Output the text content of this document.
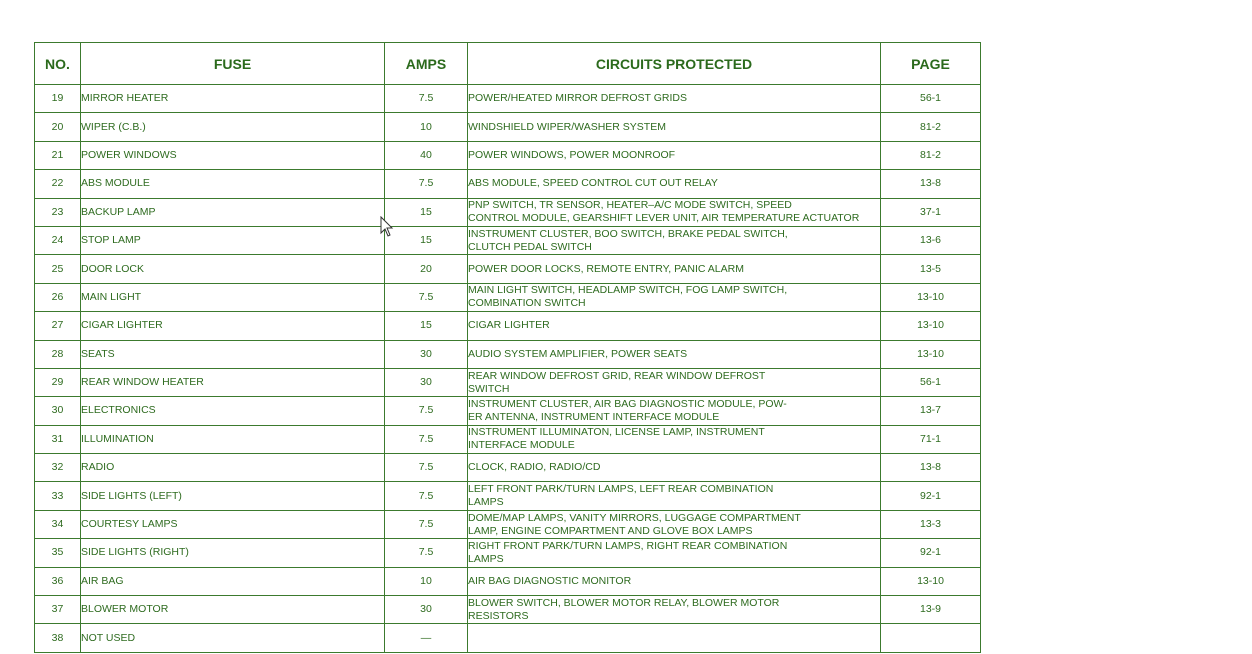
NO.	FUSE	AMPS	CIRCUITS PROTECTED	PAGE
19	MIRROR HEATER	7.5	POWER/HEATED MIRROR DEFROST GRIDS	56-1
20	WIPER (C.B.)	10	WINDSHIELD WIPER/WASHER SYSTEM	81-2
21	POWER WINDOWS	40	POWER WINDOWS, POWER MOONROOF	81-2
22	ABS MODULE	7.5	ABS MODULE, SPEED CONTROL CUT OUT RELAY	13-8
23	BACKUP LAMP	15	PNP SWITCH, TR SENSOR, HEATER–A/C MODE SWITCH, SPEED
CONTROL MODULE, GEARSHIFT LEVER UNIT, AIR TEMPERATURE ACTUATOR	37-1
24	STOP LAMP	15	INSTRUMENT CLUSTER, BOO SWITCH, BRAKE PEDAL SWITCH,
CLUTCH PEDAL SWITCH	13-6
25	DOOR LOCK	20	POWER DOOR LOCKS, REMOTE ENTRY, PANIC ALARM	13-5
26	MAIN LIGHT	7.5	MAIN LIGHT SWITCH, HEADLAMP SWITCH, FOG LAMP SWITCH,
COMBINATION SWITCH	13-10
27	CIGAR LIGHTER	15	CIGAR LIGHTER	13-10
28	SEATS	30	AUDIO SYSTEM AMPLIFIER, POWER SEATS	13-10
29	REAR WINDOW HEATER	30	REAR WINDOW DEFROST GRID, REAR WINDOW DEFROST
SWITCH	56-1
30	ELECTRONICS	7.5	INSTRUMENT CLUSTER, AIR BAG DIAGNOSTIC MODULE, POW-
ER ANTENNA, INSTRUMENT INTERFACE MODULE	13-7
31	ILLUMINATION	7.5	INSTRUMENT ILLUMINATON, LICENSE LAMP, INSTRUMENT
INTERFACE MODULE	71-1
32	RADIO	7.5	CLOCK, RADIO, RADIO/CD	13-8
33	SIDE LIGHTS (LEFT)	7.5	LEFT FRONT PARK/TURN LAMPS, LEFT REAR COMBINATION
LAMPS	92-1
34	COURTESY LAMPS	7.5	DOME/MAP LAMPS, VANITY MIRRORS, LUGGAGE COMPARTMENT
LAMP, ENGINE COMPARTMENT AND GLOVE BOX LAMPS	13-3
35	SIDE LIGHTS (RIGHT)	7.5	RIGHT FRONT PARK/TURN LAMPS, RIGHT REAR COMBINATION
LAMPS	92-1
36	AIR BAG	10	AIR BAG DIAGNOSTIC MONITOR	13-10
37	BLOWER MOTOR	30	BLOWER SWITCH, BLOWER MOTOR RELAY, BLOWER MOTOR
RESISTORS	13-9
38	NOT USED	—		
